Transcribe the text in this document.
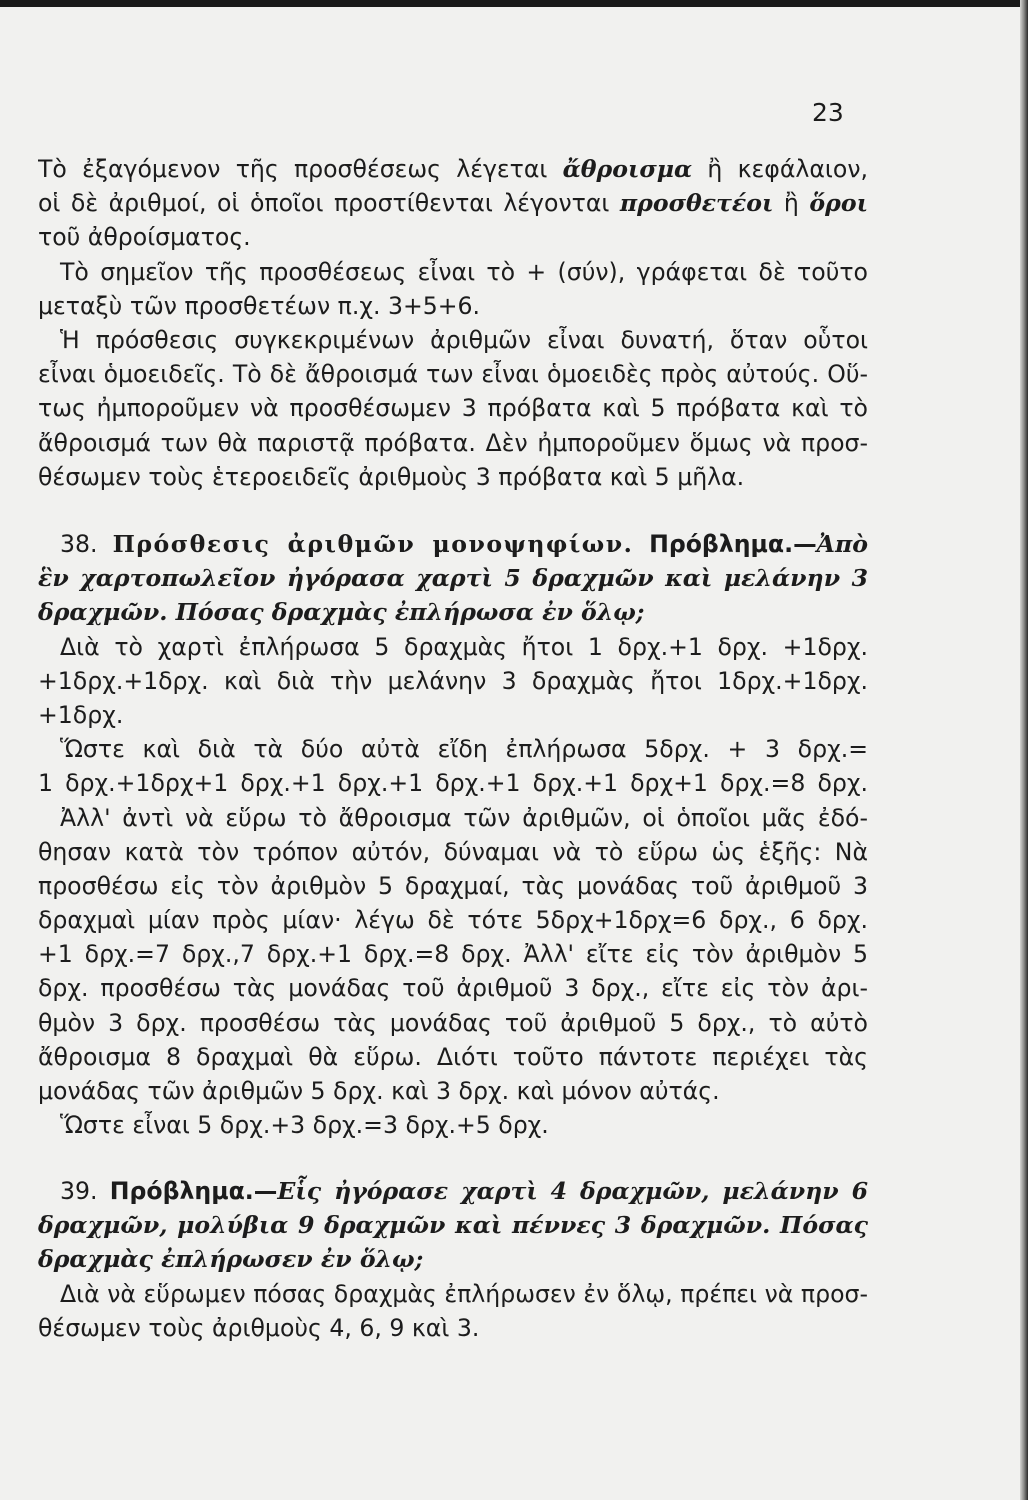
23
Τὸ ἐξαγόμενον τῆς προσθέσεως λέγεται ἄθροισμα ἢ κεφάλαιον,
οἱ δὲ ἀριθμοί, οἱ ὁποῖοι προστίθενται λέγονται προσθετέοι ἢ ὅροι
τοῦ ἀθροίσματος.
Τὸ σημεῖον τῆς προσθέσεως εἶναι τὸ + (σύν), γράφεται δὲ τοῦτο
μεταξὺ τῶν προσθετέων π.χ. 3+5+6.
Ἡ πρόσθεσις συγκεκριμένων ἀριθμῶν εἶναι δυνατή, ὅταν οὗτοι
εἶναι ὁμοειδεῖς. Τὸ δὲ ἄθροισμά των εἶναι ὁμοειδὲς πρὸς αὐτούς. Οὕ-
τως ἠμποροῦμεν νὰ προσθέσωμεν 3 πρόβατα καὶ 5 πρόβατα καὶ τὸ
ἄθροισμά των θὰ παριστᾷ πρόβατα. Δὲν ἠμποροῦμεν ὅμως νὰ προσ-
θέσωμεν τοὺς ἑτεροειδεῖς ἀριθμοὺς 3 πρόβατα καὶ 5 μῆλα.
38. Πρόσθεσις ἀριθμῶν μονοψηφίων. Πρόβλημα.—Ἀπὸ
ἓν χαρτοπωλεῖον ἠγόρασα χαρτὶ 5 δραχμῶν καὶ μελάνην 3
δραχμῶν. Πόσας δραχμὰς ἐπλήρωσα ἐν ὅλῳ;
Διὰ τὸ χαρτὶ ἐπλήρωσα 5 δραχμὰς ἤτοι 1 δρχ.+1 δρχ. +1δρχ.
+1δρχ.+1δρχ. καὶ διὰ τὴν μελάνην 3 δραχμὰς ἤτοι 1δρχ.+1δρχ.
+1δρχ.
Ὥστε καὶ διὰ τὰ δύο αὐτὰ εἴδη ἐπλήρωσα 5δρχ. + 3 δρχ.=
1 δρχ.+1δρχ+1 δρχ.+1 δρχ.+1 δρχ.+1 δρχ.+1 δρχ+1 δρχ.=8 δρχ.
Ἀλλ' ἀντὶ νὰ εὕρω τὸ ἄθροισμα τῶν ἀριθμῶν, οἱ ὁποῖοι μᾶς ἐδό-
θησαν κατὰ τὸν τρόπον αὐτόν, δύναμαι νὰ τὸ εὕρω ὡς ἑξῆς: Νὰ
προσθέσω εἰς τὸν ἀριθμὸν 5 δραχμαί, τὰς μονάδας τοῦ ἀριθμοῦ 3
δραχμαὶ μίαν πρὸς μίαν· λέγω δὲ τότε 5δρχ+1δρχ=6 δρχ., 6 δρχ.
+1 δρχ.=7 δρχ.,7 δρχ.+1 δρχ.=8 δρχ. Ἀλλ' εἴτε εἰς τὸν ἀριθμὸν 5
δρχ. προσθέσω τὰς μονάδας τοῦ ἀριθμοῦ 3 δρχ., εἴτε εἰς τὸν ἀρι-
θμὸν 3 δρχ. προσθέσω τὰς μονάδας τοῦ ἀριθμοῦ 5 δρχ., τὸ αὐτὸ
ἄθροισμα 8 δραχμαὶ θὰ εὕρω. Διότι τοῦτο πάντοτε περιέχει τὰς
μονάδας τῶν ἀριθμῶν 5 δρχ. καὶ 3 δρχ. καὶ μόνον αὐτάς.
Ὥστε εἶναι 5 δρχ.+3 δρχ.=3 δρχ.+5 δρχ.
39. Πρόβλημα.—Εἷς ἠγόρασε χαρτὶ 4 δραχμῶν, μελάνην 6
δραχμῶν, μολύβια 9 δραχμῶν καὶ πέννες 3 δραχμῶν. Πόσας
δραχμὰς ἐπλήρωσεν ἐν ὅλῳ;
Διὰ νὰ εὕρωμεν πόσας δραχμὰς ἐπλήρωσεν ἐν ὅλῳ, πρέπει νὰ προσ-
θέσωμεν τοὺς ἀριθμοὺς 4, 6, 9 καὶ 3.
